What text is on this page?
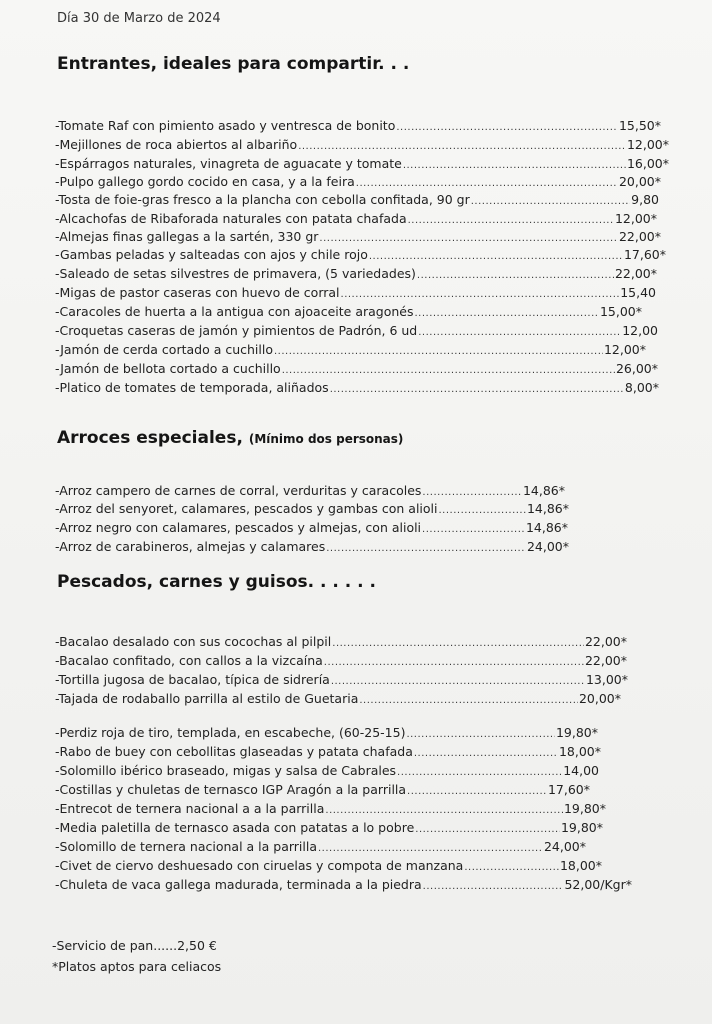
Día 30 de Marzo de 2024
Entrantes, ideales para compartir. . .
-Tomate Raf con pimiento asado y ventresca de bonito .....	15,50*
-Mejillones de roca abiertos al albariño .....	12,00*
-Espárragos naturales, vinagreta de aguacate y tomate .....	16,00*
-Pulpo gallego gordo cocido en casa, y a la feira .....	20,00*
-Tosta de foie-gras fresco a la plancha con cebolla confitada, 90 gr .....	9,80
-Alcachofas de Ribaforada naturales con patata chafada .....	12,00*
-Almejas finas gallegas a la sartén, 330 gr .....	22,00*
-Gambas peladas y salteadas con ajos y chile rojo .....	17,60*
-Saleado de setas silvestres de primavera, (5 variedades) .....	22,00*
-Migas de pastor caseras con huevo de corral .....	15,40
-Caracoles de huerta a la antigua con ajoaceite aragonés .....	15,00*
-Croquetas caseras de jamón y pimientos de Padrón, 6 ud .....	12,00
-Jamón de cerda cortado a cuchillo .....	12,00*
-Jamón de bellota cortado a cuchillo .....	26,00*
-Platico de tomates de temporada, aliñados .....	8,00*
Arroces especiales, (Mínimo dos personas)
-Arroz campero de carnes de corral, verduritas y caracoles .....	14,86*
-Arroz del senyoret, calamares, pescados y gambas con alioli .....	14,86*
-Arroz negro con calamares, pescados y almejas, con alioli .....	14,86*
-Arroz de carabineros, almejas y calamares .....	24,00*
Pescados, carnes y guisos. . . . . .
-Bacalao desalado con sus cocochas al pilpil .....	22,00*
-Bacalao confitado, con callos a la vizcaína .....	22,00*
-Tortilla jugosa de bacalao, típica de sidrería .....	13,00*
-Tajada de rodaballo parrilla al estilo de Guetaria .....	20,00*
-Perdiz roja de tiro, templada, en escabeche, (60-25-15) .....	19,80*
-Rabo de buey con cebollitas glaseadas y patata chafada .....	18,00*
-Solomillo ibérico braseado, migas y salsa de Cabrales .....	14,00
-Costillas y chuletas de ternasco IGP Aragón a la parrilla .....	17,60*
-Entrecot de ternera nacional a a la parrilla .....	19,80*
-Media paletilla de ternasco asada con patatas a lo pobre .....	19,80*
-Solomillo de ternera nacional a la parrilla .....	24,00*
-Civet de ciervo deshuesado con ciruelas y compota de manzana .....	18,00*
-Chuleta de vaca gallega madurada, terminada a la piedra .....	52,00/Kgr*
-Servicio de pan......2,50 €
*Platos aptos para celiacos
